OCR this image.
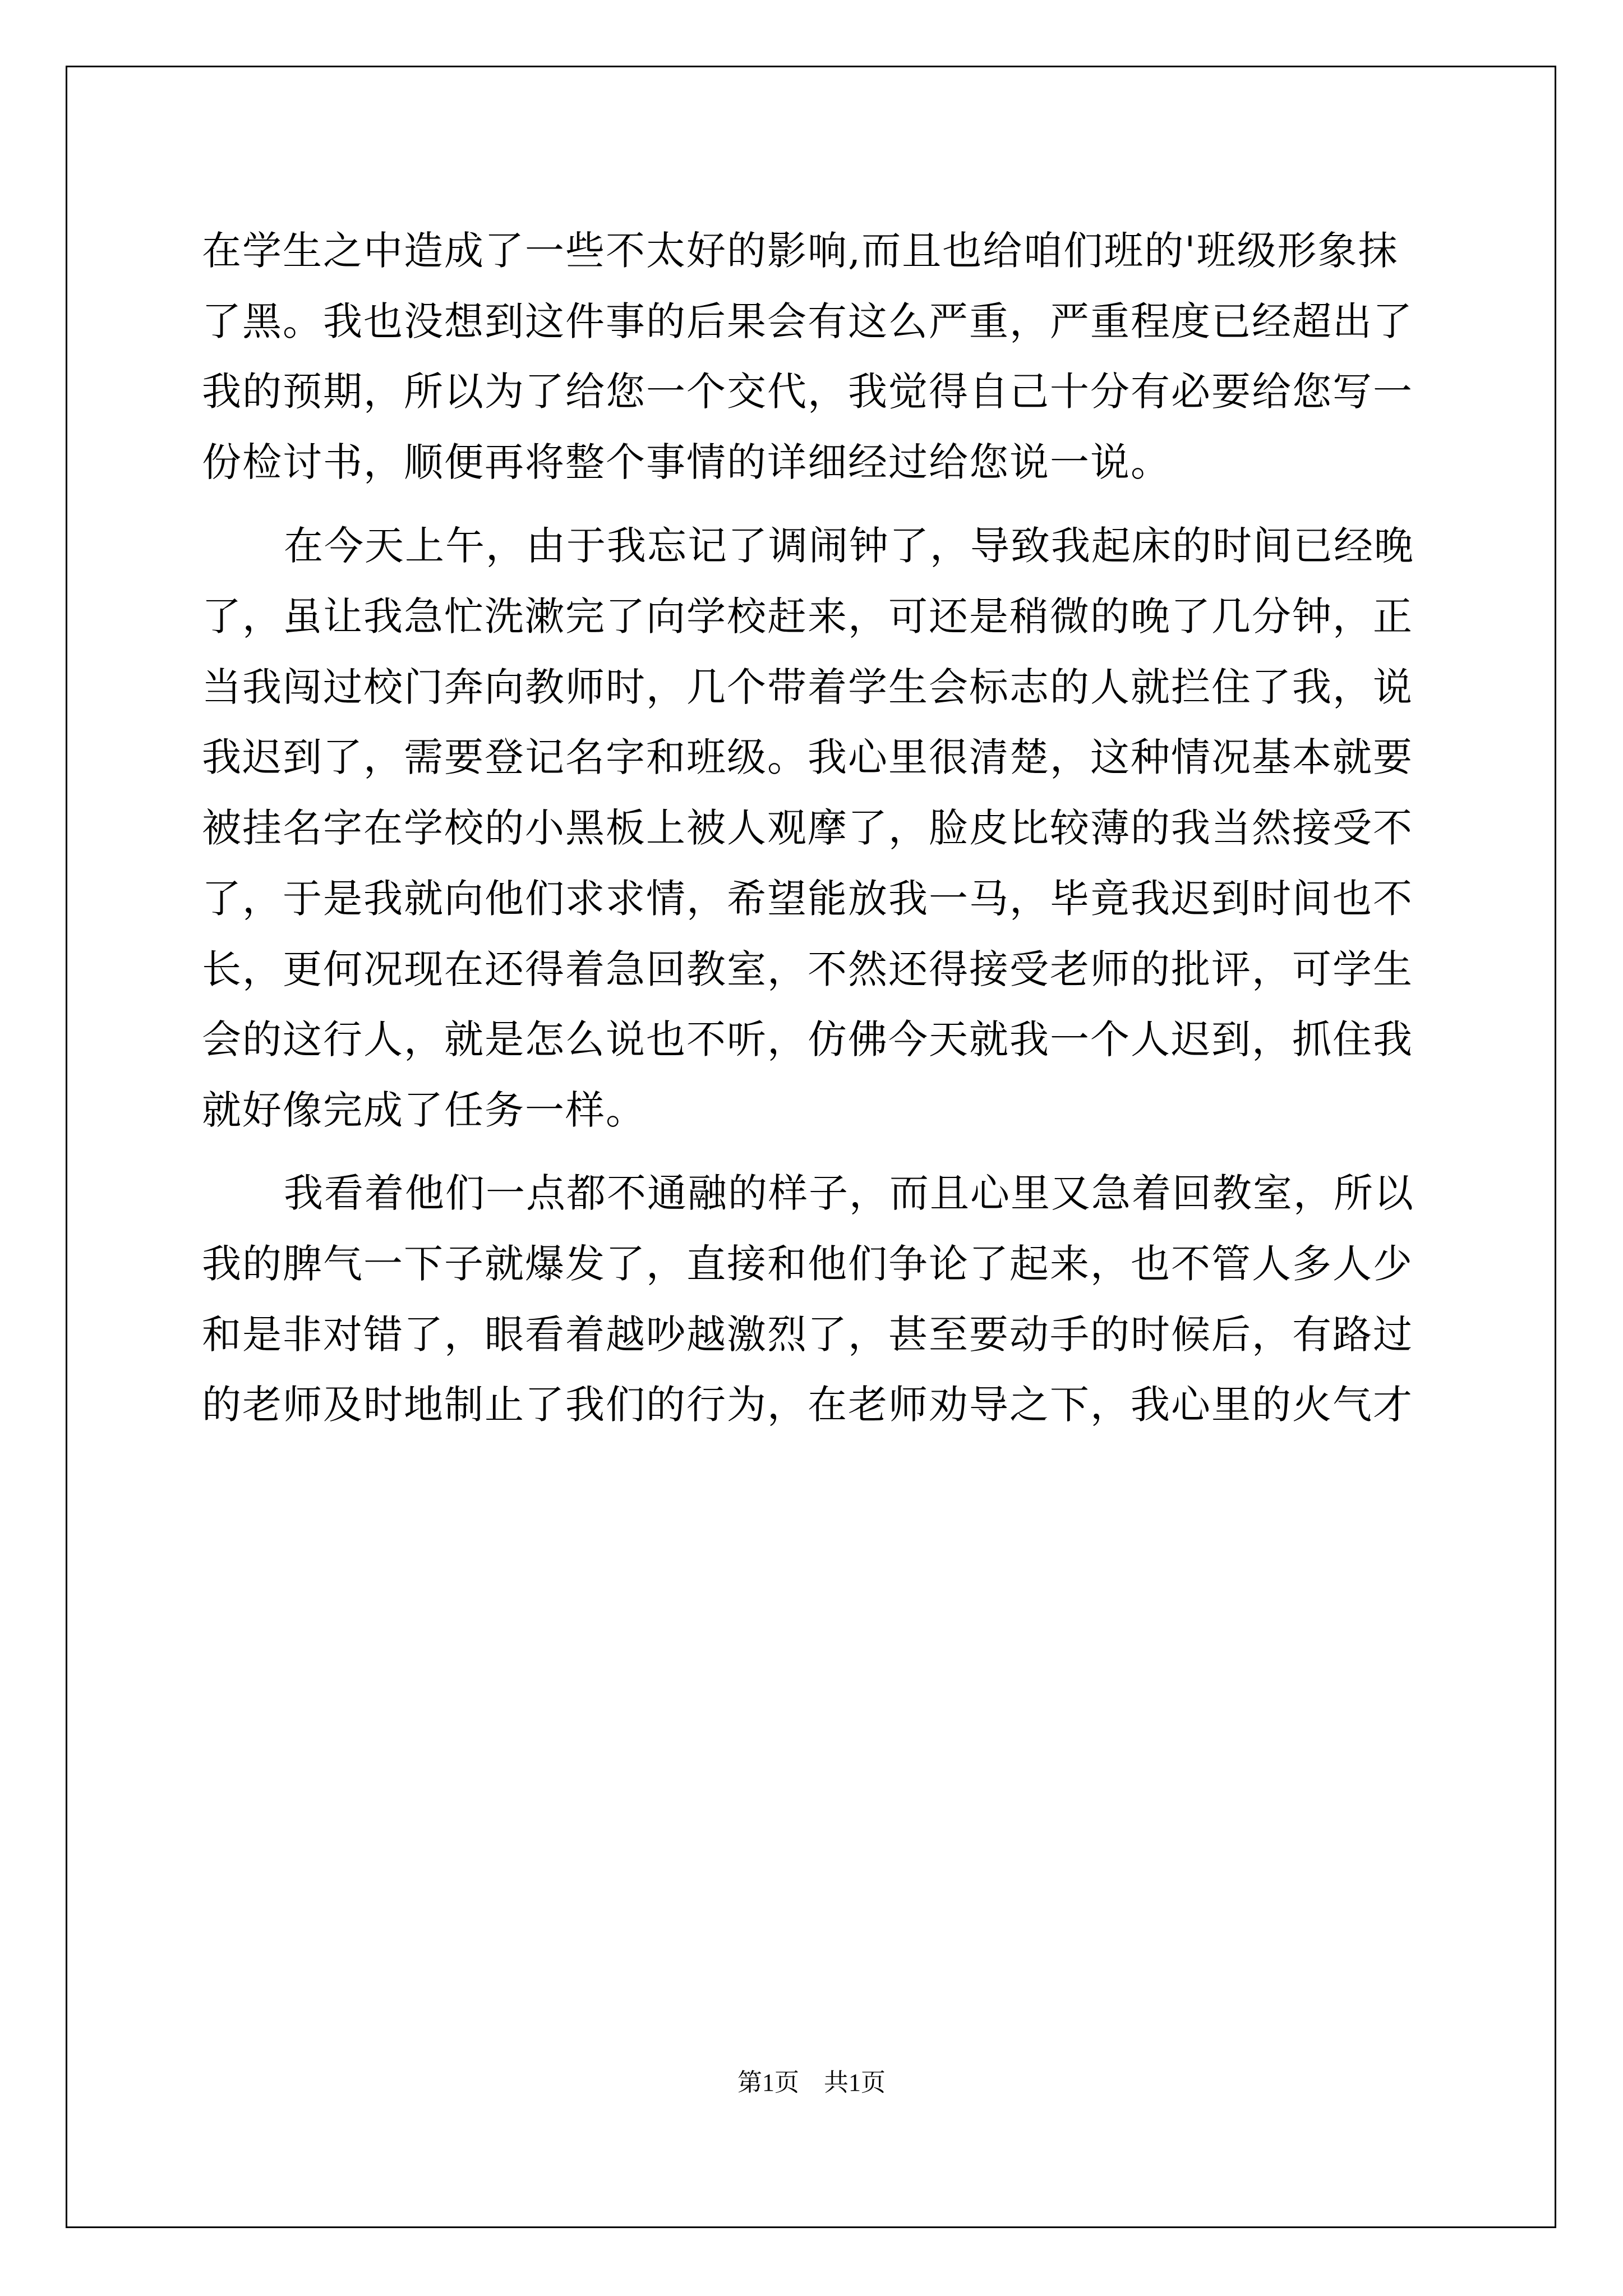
在学生之中造成了一些不太好的影响,而且也给咱们班的'班级形象抹
了黑。我也没想到这件事的后果会有这么严重，严重程度已经超出了
我的预期，所以为了给您一个交代，我觉得自己十分有必要给您写一
份检讨书，顺便再将整个事情的详细经过给您说一说。
在今天上午，由于我忘记了调闹钟了，导致我起床的时间已经晚
了，虽让我急忙洗漱完了向学校赶来，可还是稍微的晚了几分钟，正
当我闯过校门奔向教师时，几个带着学生会标志的人就拦住了我，说
我迟到了，需要登记名字和班级。我心里很清楚，这种情况基本就要
被挂名字在学校的小黑板上被人观摩了，脸皮比较薄的我当然接受不
了，于是我就向他们求求情，希望能放我一马，毕竟我迟到时间也不
长，更何况现在还得着急回教室，不然还得接受老师的批评，可学生
会的这行人，就是怎么说也不听，仿佛今天就我一个人迟到，抓住我
就好像完成了任务一样。
我看着他们一点都不通融的样子，而且心里又急着回教室，所以
我的脾气一下子就爆发了，直接和他们争论了起来，也不管人多人少
和是非对错了，眼看着越吵越激烈了，甚至要动手的时候后，有路过
的老师及时地制止了我们的行为，在老师劝导之下，我心里的火气才
第1页　共1页
